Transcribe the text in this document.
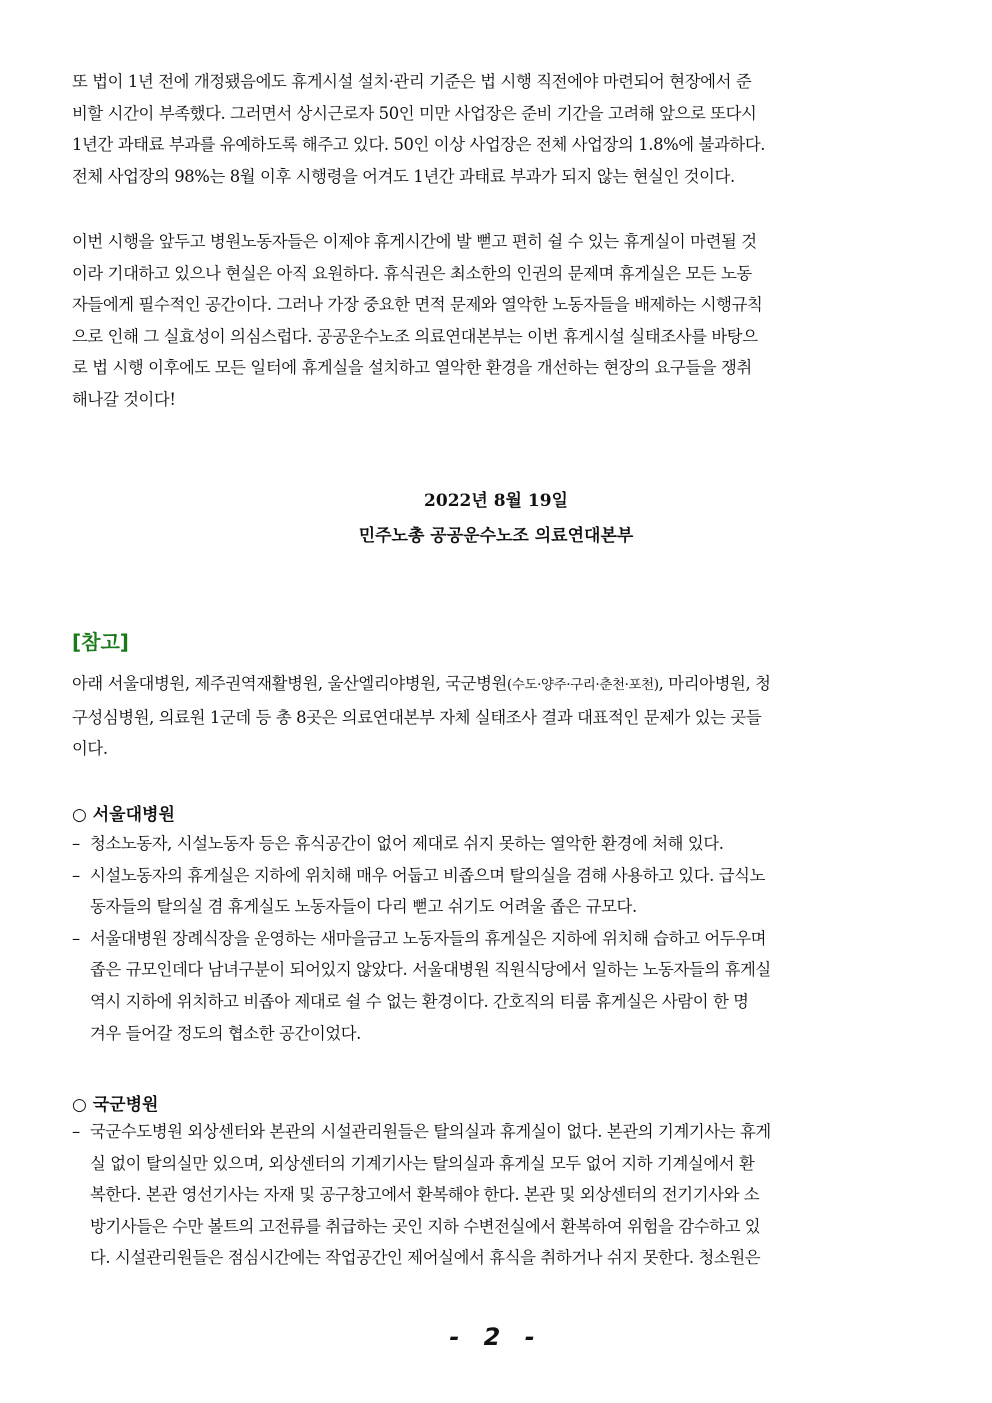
또 법이 1년 전에 개정됐음에도 휴게시설 설치·관리 기준은 법 시행 직전에야 마련되어 현장에서 준
비할 시간이 부족했다. 그러면서 상시근로자 50인 미만 사업장은 준비 기간을 고려해 앞으로 또다시
1년간 과태료 부과를 유예하도록 해주고 있다. 50인 이상 사업장은 전체 사업장의 1.8%에 불과하다.
전체 사업장의 98%는 8월 이후 시행령을 어겨도 1년간 과태료 부과가 되지 않는 현실인 것이다.
이번 시행을 앞두고 병원노동자들은 이제야 휴게시간에 발 뻗고 편히 쉴 수 있는 휴게실이 마련될 것
이라 기대하고 있으나 현실은 아직 요원하다. 휴식권은 최소한의 인권의 문제며 휴게실은 모든 노동
자들에게 필수적인 공간이다. 그러나 가장 중요한 면적 문제와 열악한 노동자들을 배제하는 시행규칙
으로 인해 그 실효성이 의심스럽다. 공공운수노조 의료연대본부는 이번 휴게시설 실태조사를 바탕으
로 법 시행 이후에도 모든 일터에 휴게실을 설치하고 열악한 환경을 개선하는 현장의 요구들을 쟁취
해나갈 것이다!
2022년 8월 19일
민주노총 공공운수노조 의료연대본부
[참고]
아래 서울대병원, 제주권역재활병원, 울산엘리야병원, 국군병원(수도·양주·구리·춘천·포천), 마리아병원, 청
구성심병원, 의료원 1군데 등 총 8곳은 의료연대본부 자체 실태조사 결과 대표적인 문제가 있는 곳들
이다.
○ 서울대병원
– 청소노동자, 시설노동자 등은 휴식공간이 없어 제대로 쉬지 못하는 열악한 환경에 처해 있다.
– 시설노동자의 휴게실은 지하에 위치해 매우 어둡고 비좁으며 탈의실을 겸해 사용하고 있다. 급식노
동자들의 탈의실 겸 휴게실도 노동자들이 다리 뻗고 쉬기도 어려울 좁은 규모다.
– 서울대병원 장례식장을 운영하는 새마을금고 노동자들의 휴게실은 지하에 위치해 습하고 어두우며
좁은 규모인데다 남녀구분이 되어있지 않았다. 서울대병원 직원식당에서 일하는 노동자들의 휴게실
역시 지하에 위치하고 비좁아 제대로 쉴 수 없는 환경이다. 간호직의 티룸 휴게실은 사람이 한 명
겨우 들어갈 정도의 협소한 공간이었다.
○ 국군병원
– 국군수도병원 외상센터와 본관의 시설관리원들은 탈의실과 휴게실이 없다. 본관의 기계기사는 휴게
실 없이 탈의실만 있으며, 외상센터의 기계기사는 탈의실과 휴게실 모두 없어 지하 기계실에서 환
복한다. 본관 영선기사는 자재 및 공구창고에서 환복해야 한다. 본관 및 외상센터의 전기기사와 소
방기사들은 수만 볼트의 고전류를 취급하는 곳인 지하 수변전실에서 환복하여 위험을 감수하고 있
다. 시설관리원들은 점심시간에는 작업공간인 제어실에서 휴식을 취하거나 쉬지 못한다. 청소원은
- 2 -
